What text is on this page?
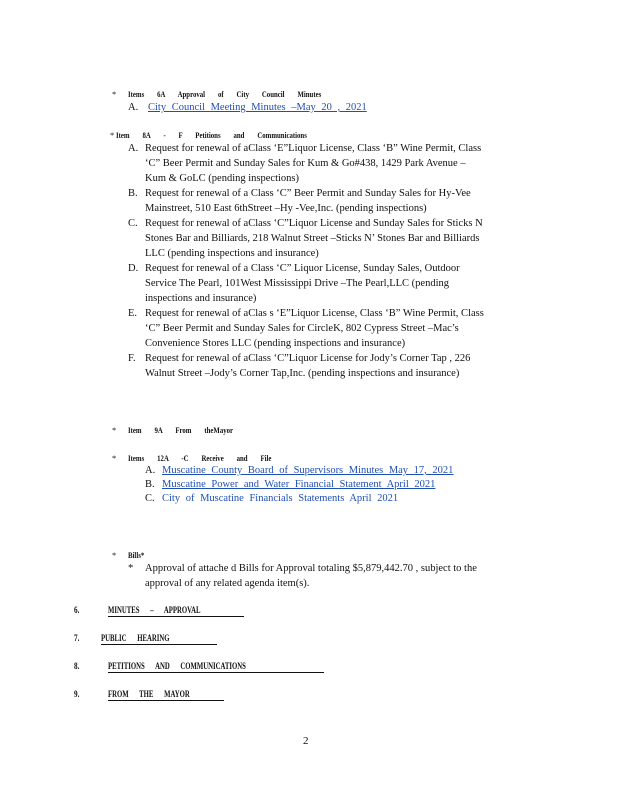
* Items 6A Approval of City Council Minutes
A. City Council Meeting Minutes –May 20 , 2021
* Item 8A - F Petitions and Communications
A. Request for renewal of aClass ‘E”Liquor License, Class ‘B” Wine Permit, Class
‘C” Beer Permit and Sunday Sales for Kum & Go#438, 1429 Park Avenue –
Kum & GoLC (pending inspections)
B. Request for renewal of a Class ‘C” Beer Permit and Sunday Sales for Hy-Vee
Mainstreet, 510 East 6thStreet –Hy -Vee,Inc. (pending inspections)
C. Request for renewal of aClass ‘C”Liquor License and Sunday Sales for Sticks N
Stones Bar and Billiards, 218 Walnut Street –Sticks N’ Stones Bar and Billiards
LLC (pending inspections and insurance)
D. Request for renewal of a Class ‘C” Liquor License, Sunday Sales, Outdoor
Service The Pearl, 101West Mississippi Drive –The Pearl,LLC (pending
inspections and insurance)
E. Request for renewal of aClas s ‘E”Liquor License, Class ‘B” Wine Permit, Class
‘C” Beer Permit and Sunday Sales for CircleK, 802 Cypress Street –Mac’s
Convenience Stores LLC (pending inspections and insurance)
F. Request for renewal of aClass ‘C”Liquor License for Jody’s Corner Tap , 226
Walnut Street –Jody’s Corner Tap,Inc. (pending inspections and insurance)
* Item 9A From theMayor
* Items 12A -C Receive and File
A. Muscatine County Board of Supervisors Minutes May 17, 2021
B. Muscatine Power and Water Financial Statement April 2021
C. City of Muscatine Financials Statements April 2021
* Bills*
* Approval of attache d Bills for Approval totaling $5,879,442.70 , subject to the
approval of any related agenda item(s).
6.	MINUTES – APPROVAL
7. PUBLIC HEARING
8.	PETITIONS AND COMMUNICATIONS
9.	FROM THE MAYOR
2
